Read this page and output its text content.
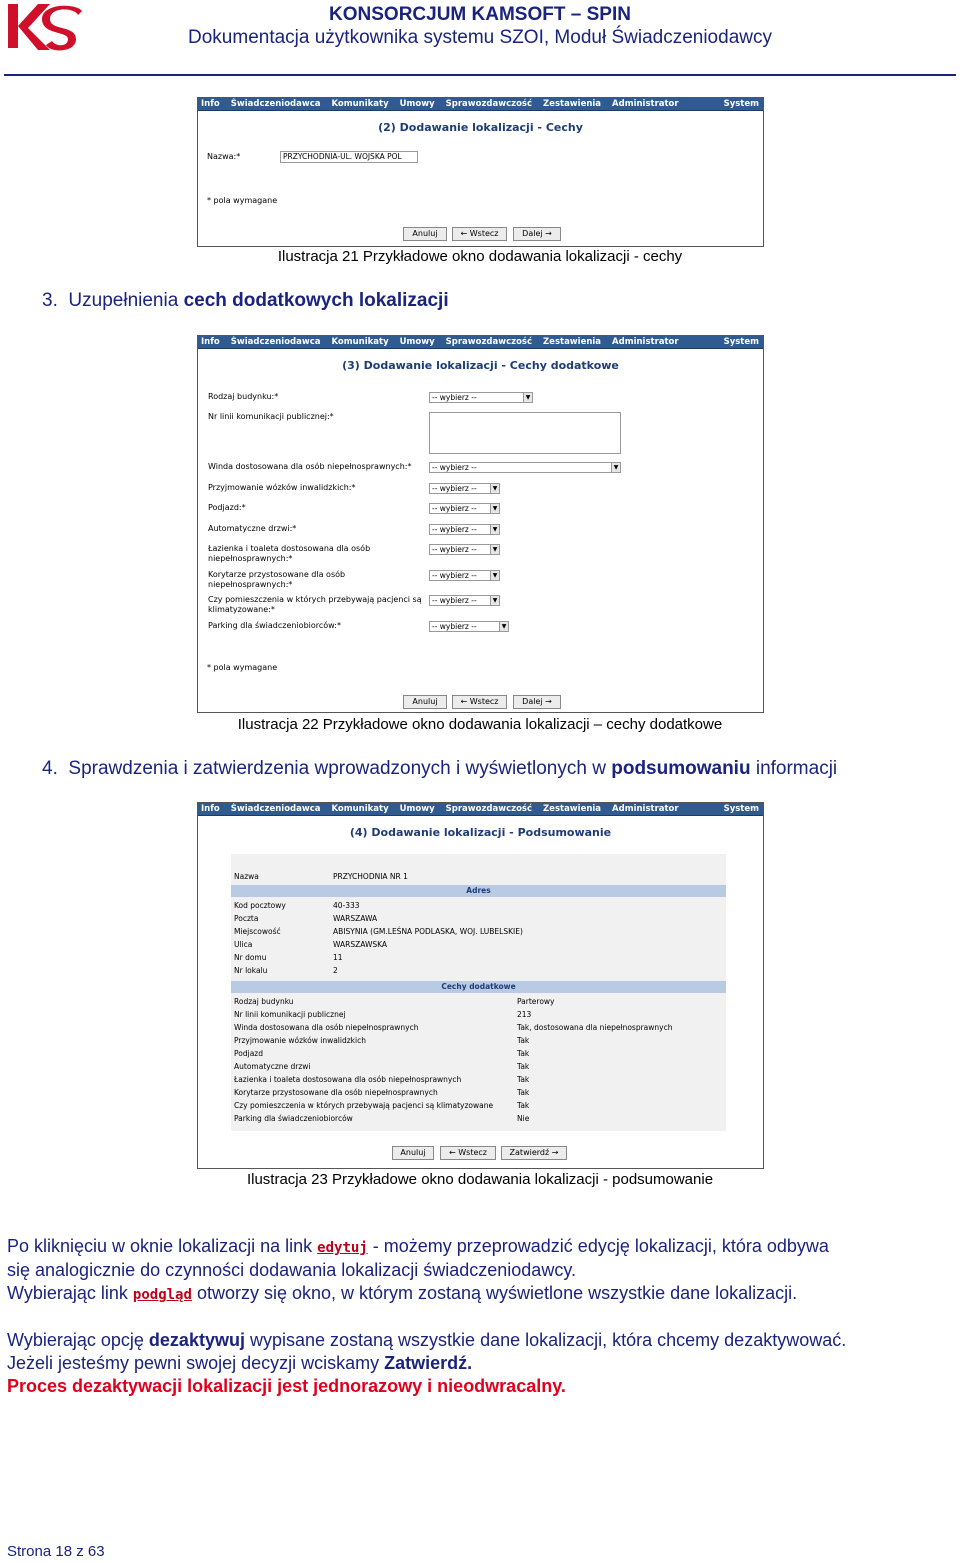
KONSORCJUM KAMSOFT – SPIN
Dokumentacja użytkownika systemu SZOI, Moduł Świadczeniodawcy
Info Świadczeniodawca Komunikaty Umowy Sprawozdawczość Zestawienia Administrator	System
(2) Dodawanie lokalizacji - Cechy
Nazwa:*	PRZYCHODNIA-UL. WOJSKA POL
* pola wymagane
Anuluj	← Wstecz	Dalej →
Ilustracja 21 Przykładowe okno dodawania lokalizacji - cechy
3. Uzupełnienia cech dodatkowych lokalizacji
Info Świadczeniodawca Komunikaty Umowy Sprawozdawczość Zestawienia Administrator	System
(3) Dodawanie lokalizacji - Cechy dodatkowe
Rodzaj budynku:*	-- wybierz --	▼
Nr linii komunikacji publicznej:*
Winda dostosowana dla osób niepełnosprawnych:*	-- wybierz --	▼
Przyjmowanie wózków inwalidzkich:*	-- wybierz --	▼
Podjazd:*	-- wybierz --	▼
Automatyczne drzwi:*	-- wybierz --	▼
Łazienka i toaleta dostosowana dla osób niepełnosprawnych:*
-- wybierz --	▼
Korytarze przystosowane dla osób niepełnosprawnych:*
-- wybierz --	▼
Czy pomieszczenia w których przebywają pacjenci są klimatyzowane:*
-- wybierz --	▼
Parking dla świadczeniobiorców:*	-- wybierz --	▼
* pola wymagane
Anuluj	← Wstecz	Dalej →
Ilustracja 22 Przykładowe okno dodawania lokalizacji – cechy dodatkowe
4. Sprawdzenia i zatwierdzenia wprowadzonych i wyświetlonych w podsumowaniu informacji
Info Świadczeniodawca Komunikaty Umowy Sprawozdawczość Zestawienia Administrator	System
(4) Dodawanie lokalizacji - Podsumowanie
Nazwa	PRZYCHODNIA NR 1
Adres
Kod pocztowy	40-333
Poczta	WARSZAWA
Miejscowość	ABISYNIA (GM.LEŚNA PODLASKA, WOJ. LUBELSKIE)
Ulica	WARSZAWSKA
Nr domu	11
Nr lokalu	2
Cechy dodatkowe
Rodzaj budynku	Parterowy
Nr linii komunikacji publicznej	213
Winda dostosowana dla osób niepełnosprawnych	Tak, dostosowana dla niepełnosprawnych
Przyjmowanie wózków inwalidzkich	Tak
Podjazd	Tak
Automatyczne drzwi	Tak
Łazienka i toaleta dostosowana dla osób niepełnosprawnych	Tak
Korytarze przystosowane dla osób niepełnosprawnych	Tak
Czy pomieszczenia w których przebywają pacjenci są klimatyzowane	Tak
Parking dla świadczeniobiorców	Nie
Anuluj	← Wstecz	Zatwierdź →
Ilustracja 23 Przykładowe okno dodawania lokalizacji - podsumowanie
Po kliknięciu w oknie lokalizacji na link edytuj - możemy przeprowadzić edycję lokalizacji, która odbywa
się analogicznie do czynności dodawania lokalizacji świadczeniodawcy.
Wybierając link podgląd otworzy się okno, w którym zostaną wyświetlone wszystkie dane lokalizacji.
Wybierając opcję dezaktywuj wypisane zostaną wszystkie dane lokalizacji, która chcemy dezaktywować.
Jeżeli jesteśmy pewni swojej decyzji wciskamy Zatwierdź.
Proces dezaktywacji lokalizacji jest jednorazowy i nieodwracalny.
Strona 18 z 63
